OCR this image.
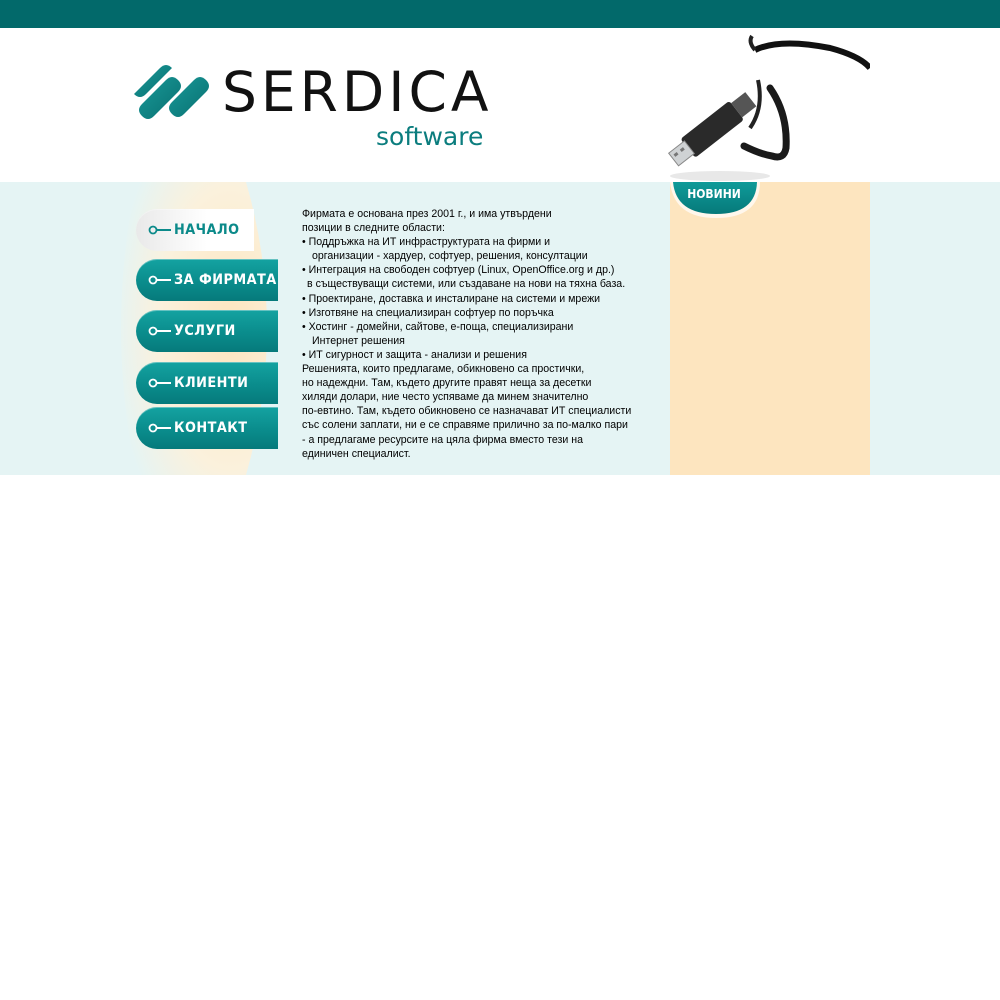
SERDICA
software
НАЧАЛО
ЗА ФИРМАТА
УСЛУГИ
КЛИЕНТИ
КОНТАКТ

Фирмата е основана през 2001 г., и има утвърдени

позиции в следните области:

• Поддръжка на ИТ инфраструктурата на фирми и

организации - хардуер, софтуер, решения, консултации

• Интеграция на свободен софтуер (Linux, OpenOffice.org и др.)

в съществуващи системи, или създаване на нови на тяхна база.

• Проектиране, доставка и инсталиране на системи и мрежи

• Изготвяне на специализиран софтуер по поръчка

• Хостинг - домейни, сайтове, е-поща, специализирани

Интернет решения

• ИТ сигурност и защита - анализи и решения

Решенията, които предлагаме, обикновено са простички,

но надеждни. Там, където другите правят неща за десетки

хиляди долари, ние често успяваме да минем значително

по-евтино. Там, където обикновено се назначават ИТ специалисти

със солени заплати, ни е се справяме прилично за по-малко пари

- а предлагаме ресурсите на цяла фирма вместо тези на

единичен специалист.

НОВИНИ
